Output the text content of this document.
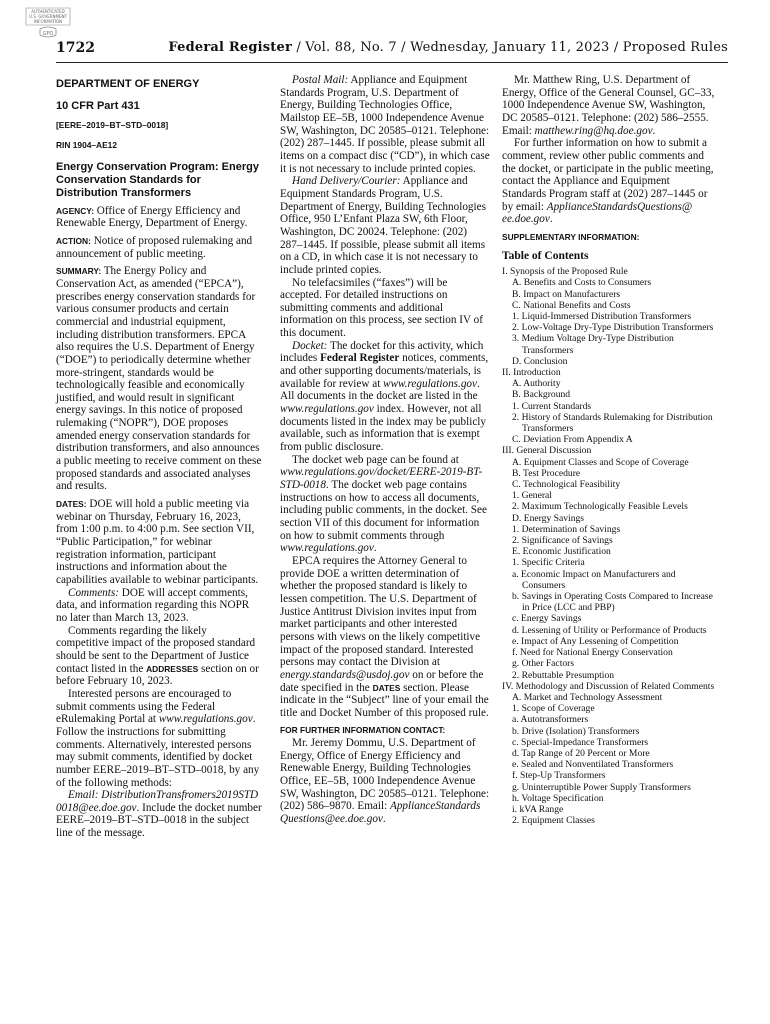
AUTHENTICATED
U.S. GOVERNMENT
INFORMATION
GPO
1722	Federal Register / Vol. 88, No. 7 / Wednesday, January 11, 2023 / Proposed Rules

DEPARTMENT OF ENERGY

10 CFR Part 431

[EERE–2019–BT–STD–0018]

RIN 1904–AE12

Energy Conservation Program: Energy Conservation Standards for Distribution Transformers

AGENCY: Office of Energy Efficiency and Renewable Energy, Department of Energy.

ACTION: Notice of proposed rulemaking and announcement of public meeting.

SUMMARY: The Energy Policy and Conservation Act, as amended (“EPCA”), prescribes energy conservation standards for various consumer products and certain commercial and industrial equipment, including distribution transformers. EPCA also requires the U.S. Department of Energy (“DOE”) to periodically determine whether more-stringent, standards would be technologically feasible and economically justified, and would result in significant energy savings. In this notice of proposed rulemaking (“NOPR”), DOE proposes amended energy conservation standards for distribution transformers, and also announces a public meeting to receive comment on these proposed standards and associated analyses and results.

DATES: DOE will hold a public meeting via webinar on Thursday, February 16, 2023, from 1:00 p.m. to 4:00 p.m. See section VII, “Public Participation,” for webinar registration information, participant instructions and information about the capabilities available to webinar participants.

Comments: DOE will accept comments, data, and information regarding this NOPR no later than March 13, 2023.

Comments regarding the likely competitive impact of the proposed standard should be sent to the Department of Justice contact listed in the ADDRESSES section on or before February 10, 2023.

Interested persons are encouraged to submit comments using the Federal eRulemaking Portal at www.regulations.gov. Follow the instructions for submitting comments. Alternatively, interested persons may submit comments, identified by docket number EERE–2019–BT–STD–0018, by any of the following methods:

Email: DistributionTransfromers2019STD 0018@ee.doe.gov. Include the docket number EERE–2019–BT–STD–0018 in the subject line of the message.

Postal Mail: Appliance and Equipment Standards Program, U.S. Department of Energy, Building Technologies Office, Mailstop EE–5B, 1000 Independence Avenue SW, Washington, DC 20585–0121. Telephone: (202) 287–1445. If possible, please submit all items on a compact disc (“CD”), in which case it is not necessary to include printed copies.

Hand Delivery/Courier: Appliance and Equipment Standards Program, U.S. Department of Energy, Building Technologies Office, 950 L’Enfant Plaza SW, 6th Floor, Washington, DC 20024. Telephone: (202) 287–1445. If possible, please submit all items on a CD, in which case it is not necessary to include printed copies.

No telefacsimiles (“faxes”) will be accepted. For detailed instructions on submitting comments and additional information on this process, see section IV of this document.

Docket: The docket for this activity, which includes Federal Register notices, comments, and other supporting documents/materials, is available for review at www.regulations.gov. All documents in the docket are listed in the www.regulations.gov index. However, not all documents listed in the index may be publicly available, such as information that is exempt from public disclosure.

The docket web page can be found at www.regulations.gov/docket/EERE-2019-BT-STD-0018. The docket web page contains instructions on how to access all documents, including public comments, in the docket. See section VII of this document for information on how to submit comments through www.regulations.gov.

EPCA requires the Attorney General to provide DOE a written determination of whether the proposed standard is likely to lessen competition. The U.S. Department of Justice Antitrust Division invites input from market participants and other interested persons with views on the likely competitive impact of the proposed standard. Interested persons may contact the Division at energy.standards@usdoj.gov on or before the date specified in the DATES section. Please indicate in the “Subject” line of your email the title and Docket Number of this proposed rule.

FOR FURTHER INFORMATION CONTACT:

Mr. Jeremy Dommu, U.S. Department of Energy, Office of Energy Efficiency and Renewable Energy, Building Technologies Office, EE–5B, 1000 Independence Avenue SW, Washington, DC 20585–0121. Telephone: (202) 586–9870. Email: ApplianceStandards Questions@ee.doe.gov.

Mr. Matthew Ring, U.S. Department of Energy, Office of the General Counsel, GC–33, 1000 Independence Avenue SW, Washington, DC 20585–0121. Telephone: (202) 586–2555. Email: matthew.ring@hq.doe.gov.

For further information on how to submit a comment, review other public comments and the docket, or participate in the public meeting, contact the Appliance and Equipment Standards Program staff at (202) 287–1445 or by email: ApplianceStandardsQuestions@ ee.doe.gov.

SUPPLEMENTARY INFORMATION:

Table of Contents

I. Synopsis of the Proposed Rule
A. Benefits and Costs to Consumers
B. Impact on Manufacturers
C. National Benefits and Costs
1. Liquid-Immersed Distribution Transformers
2. Low-Voltage Dry-Type Distribution Transformers
3. Medium Voltage Dry-Type Distribution Transformers
D. Conclusion
II. Introduction
A. Authority
B. Background
1. Current Standards
2. History of Standards Rulemaking for Distribution Transformers
C. Deviation From Appendix A
III. General Discussion
A. Equipment Classes and Scope of Coverage
B. Test Procedure
C. Technological Feasibility
1. General
2. Maximum Technologically Feasible Levels
D. Energy Savings
1. Determination of Savings
2. Significance of Savings
E. Economic Justification
1. Specific Criteria
a. Economic Impact on Manufacturers and Consumers
b. Savings in Operating Costs Compared to Increase in Price (LCC and PBP)
c. Energy Savings
d. Lessening of Utility or Performance of Products
e. Impact of Any Lessening of Competition
f. Need for National Energy Conservation
g. Other Factors
2. Rebuttable Presumption
IV. Methodology and Discussion of Related Comments
A. Market and Technology Assessment
1. Scope of Coverage
a. Autotransformers
b. Drive (Isolation) Transformers
c. Special-Impedance Transformers
d. Tap Range of 20 Percent or More
e. Sealed and Nonventilated Transformers
f. Step-Up Transformers
g. Uninterruptible Power Supply Transformers
h. Voltage Specification
i. kVA Range
2. Equipment Classes
